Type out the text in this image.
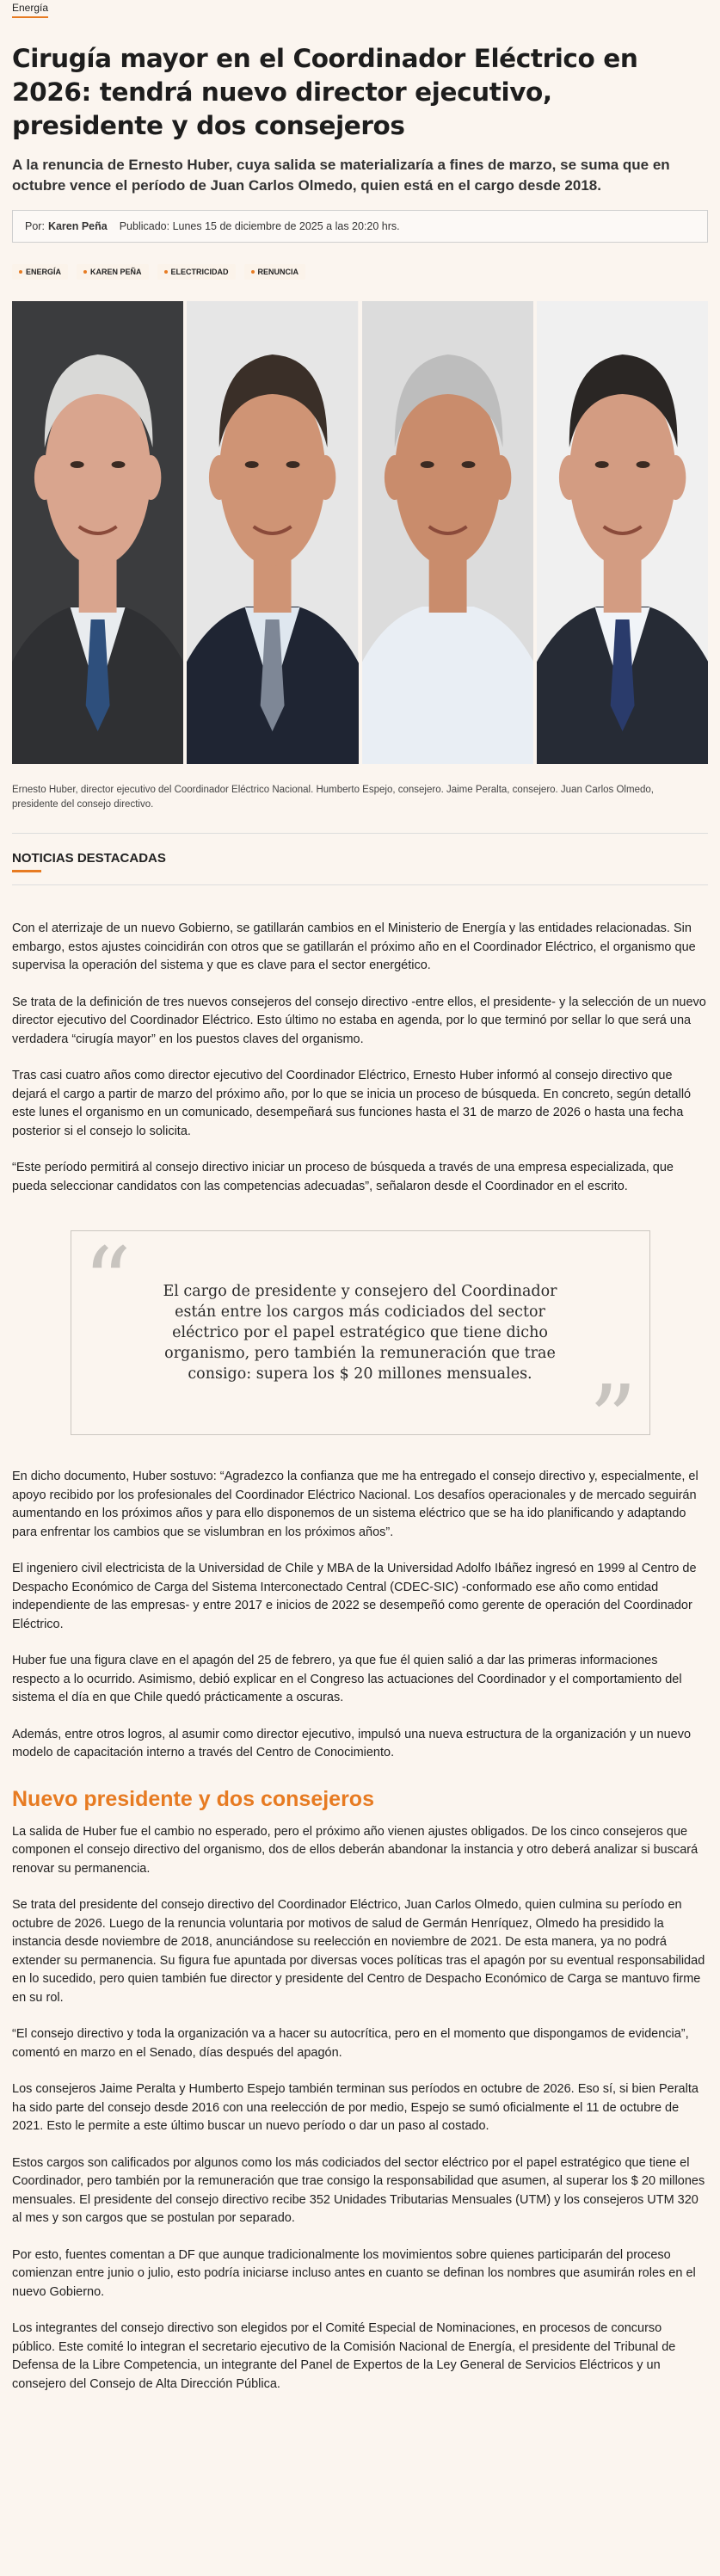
Energía
Cirugía mayor en el Coordinador Eléctrico en 2026: tendrá nuevo director ejecutivo, presidente y dos consejeros

A la renuncia de Ernesto Huber, cuya salida se materializaría a fines de marzo, se suma que en octubre vence el período de Juan Carlos Olmedo, quien está en el cargo desde 2018.

Por: Karen Peña Publicado: Lunes 15 de diciembre de 2025 a las 20:20 hrs.
ENERGÍA	KAREN PEÑA	ELECTRICIDAD	RENUNCIA

Ernesto Huber, director ejecutivo del Coordinador Eléctrico Nacional. Humberto Espejo, consejero. Jaime Peralta, consejero. Juan Carlos Olmedo, presidente del consejo directivo.

NOTICIAS DESTACADAS

Con el aterrizaje de un nuevo Gobierno, se gatillarán cambios en el Ministerio de Energía y las entidades relacionadas. Sin embargo, estos ajustes coincidirán con otros que se gatillarán el próximo año en el Coordinador Eléctrico, el organismo que supervisa la operación del sistema y que es clave para el sector energético.

Se trata de la definición de tres nuevos consejeros del consejo directivo -entre ellos, el presidente- y la selección de un nuevo director ejecutivo del Coordinador Eléctrico. Esto último no estaba en agenda, por lo que terminó por sellar lo que será una verdadera “cirugía mayor” en los puestos claves del organismo.

Tras casi cuatro años como director ejecutivo del Coordinador Eléctrico, Ernesto Huber informó al consejo directivo que dejará el cargo a partir de marzo del próximo año, por lo que se inicia un proceso de búsqueda. En concreto, según detalló este lunes el organismo en un comunicado, desempeñará sus funciones hasta el 31 de marzo de 2026 o hasta una fecha posterior si el consejo lo solicita.

“Este período permitirá al consejo directivo iniciar un proceso de búsqueda a través de una empresa especializada, que pueda seleccionar candidatos con las competencias adecuadas”, señalaron desde el Coordinador en el escrito.

“	El cargo de presidente y consejero del Coordinador están entre los cargos más codiciados del sector eléctrico por el papel estratégico que tiene dicho organismo, pero también la remuneración que trae consigo: supera los $ 20 millones mensuales. ”

En dicho documento, Huber sostuvo: “Agradezco la confianza que me ha entregado el consejo directivo y, especialmente, el apoyo recibido por los profesionales del Coordinador Eléctrico Nacional. Los desafíos operacionales y de mercado seguirán aumentando en los próximos años y para ello disponemos de un sistema eléctrico que se ha ido planificando y adaptando para enfrentar los cambios que se vislumbran en los próximos años”.

El ingeniero civil electricista de la Universidad de Chile y MBA de la Universidad Adolfo Ibáñez ingresó en 1999 al Centro de Despacho Económico de Carga del Sistema Interconectado Central (CDEC-SIC) -conformado ese año como entidad independiente de las empresas- y entre 2017 e inicios de 2022 se desempeñó como gerente de operación del Coordinador Eléctrico.

Huber fue una figura clave en el apagón del 25 de febrero, ya que fue él quien salió a dar las primeras informaciones respecto a lo ocurrido. Asimismo, debió explicar en el Congreso las actuaciones del Coordinador y el comportamiento del sistema el día en que Chile quedó prácticamente a oscuras.

Además, entre otros logros, al asumir como director ejecutivo, impulsó una nueva estructura de la organización y un nuevo modelo de capacitación interno a través del Centro de Conocimiento.

Nuevo presidente y dos consejeros

La salida de Huber fue el cambio no esperado, pero el próximo año vienen ajustes obligados. De los cinco consejeros que componen el consejo directivo del organismo, dos de ellos deberán abandonar la instancia y otro deberá analizar si buscará renovar su permanencia.

Se trata del presidente del consejo directivo del Coordinador Eléctrico, Juan Carlos Olmedo, quien culmina su período en octubre de 2026. Luego de la renuncia voluntaria por motivos de salud de Germán Henríquez, Olmedo ha presidido la instancia desde noviembre de 2018, anunciándose su reelección en noviembre de 2021. De esta manera, ya no podrá extender su permanencia. Su figura fue apuntada por diversas voces políticas tras el apagón por su eventual responsabilidad en lo sucedido, pero quien también fue director y presidente del Centro de Despacho Económico de Carga se mantuvo firme en su rol.

“El consejo directivo y toda la organización va a hacer su autocrítica, pero en el momento que dispongamos de evidencia”, comentó en marzo en el Senado, días después del apagón.

Los consejeros Jaime Peralta y Humberto Espejo también terminan sus períodos en octubre de 2026. Eso sí, si bien Peralta ha sido parte del consejo desde 2016 con una reelección de por medio, Espejo se sumó oficialmente el 11 de octubre de 2021. Esto le permite a este último buscar un nuevo período o dar un paso al costado.

Estos cargos son calificados por algunos como los más codiciados del sector eléctrico por el papel estratégico que tiene el Coordinador, pero también por la remuneración que trae consigo la responsabilidad que asumen, al superar los $ 20 millones mensuales. El presidente del consejo directivo recibe 352 Unidades Tributarias Mensuales (UTM) y los consejeros UTM 320 al mes y son cargos que se postulan por separado.

Por esto, fuentes comentan a DF que aunque tradicionalmente los movimientos sobre quienes participarán del proceso comienzan entre junio o julio, esto podría iniciarse incluso antes en cuanto se definan los nombres que asumirán roles en el nuevo Gobierno.

Los integrantes del consejo directivo son elegidos por el Comité Especial de Nominaciones, en procesos de concurso público. Este comité lo integran el secretario ejecutivo de la Comisión Nacional de Energía, el presidente del Tribunal de Defensa de la Libre Competencia, un integrante del Panel de Expertos de la Ley General de Servicios Eléctricos y un consejero del Consejo de Alta Dirección Pública.
